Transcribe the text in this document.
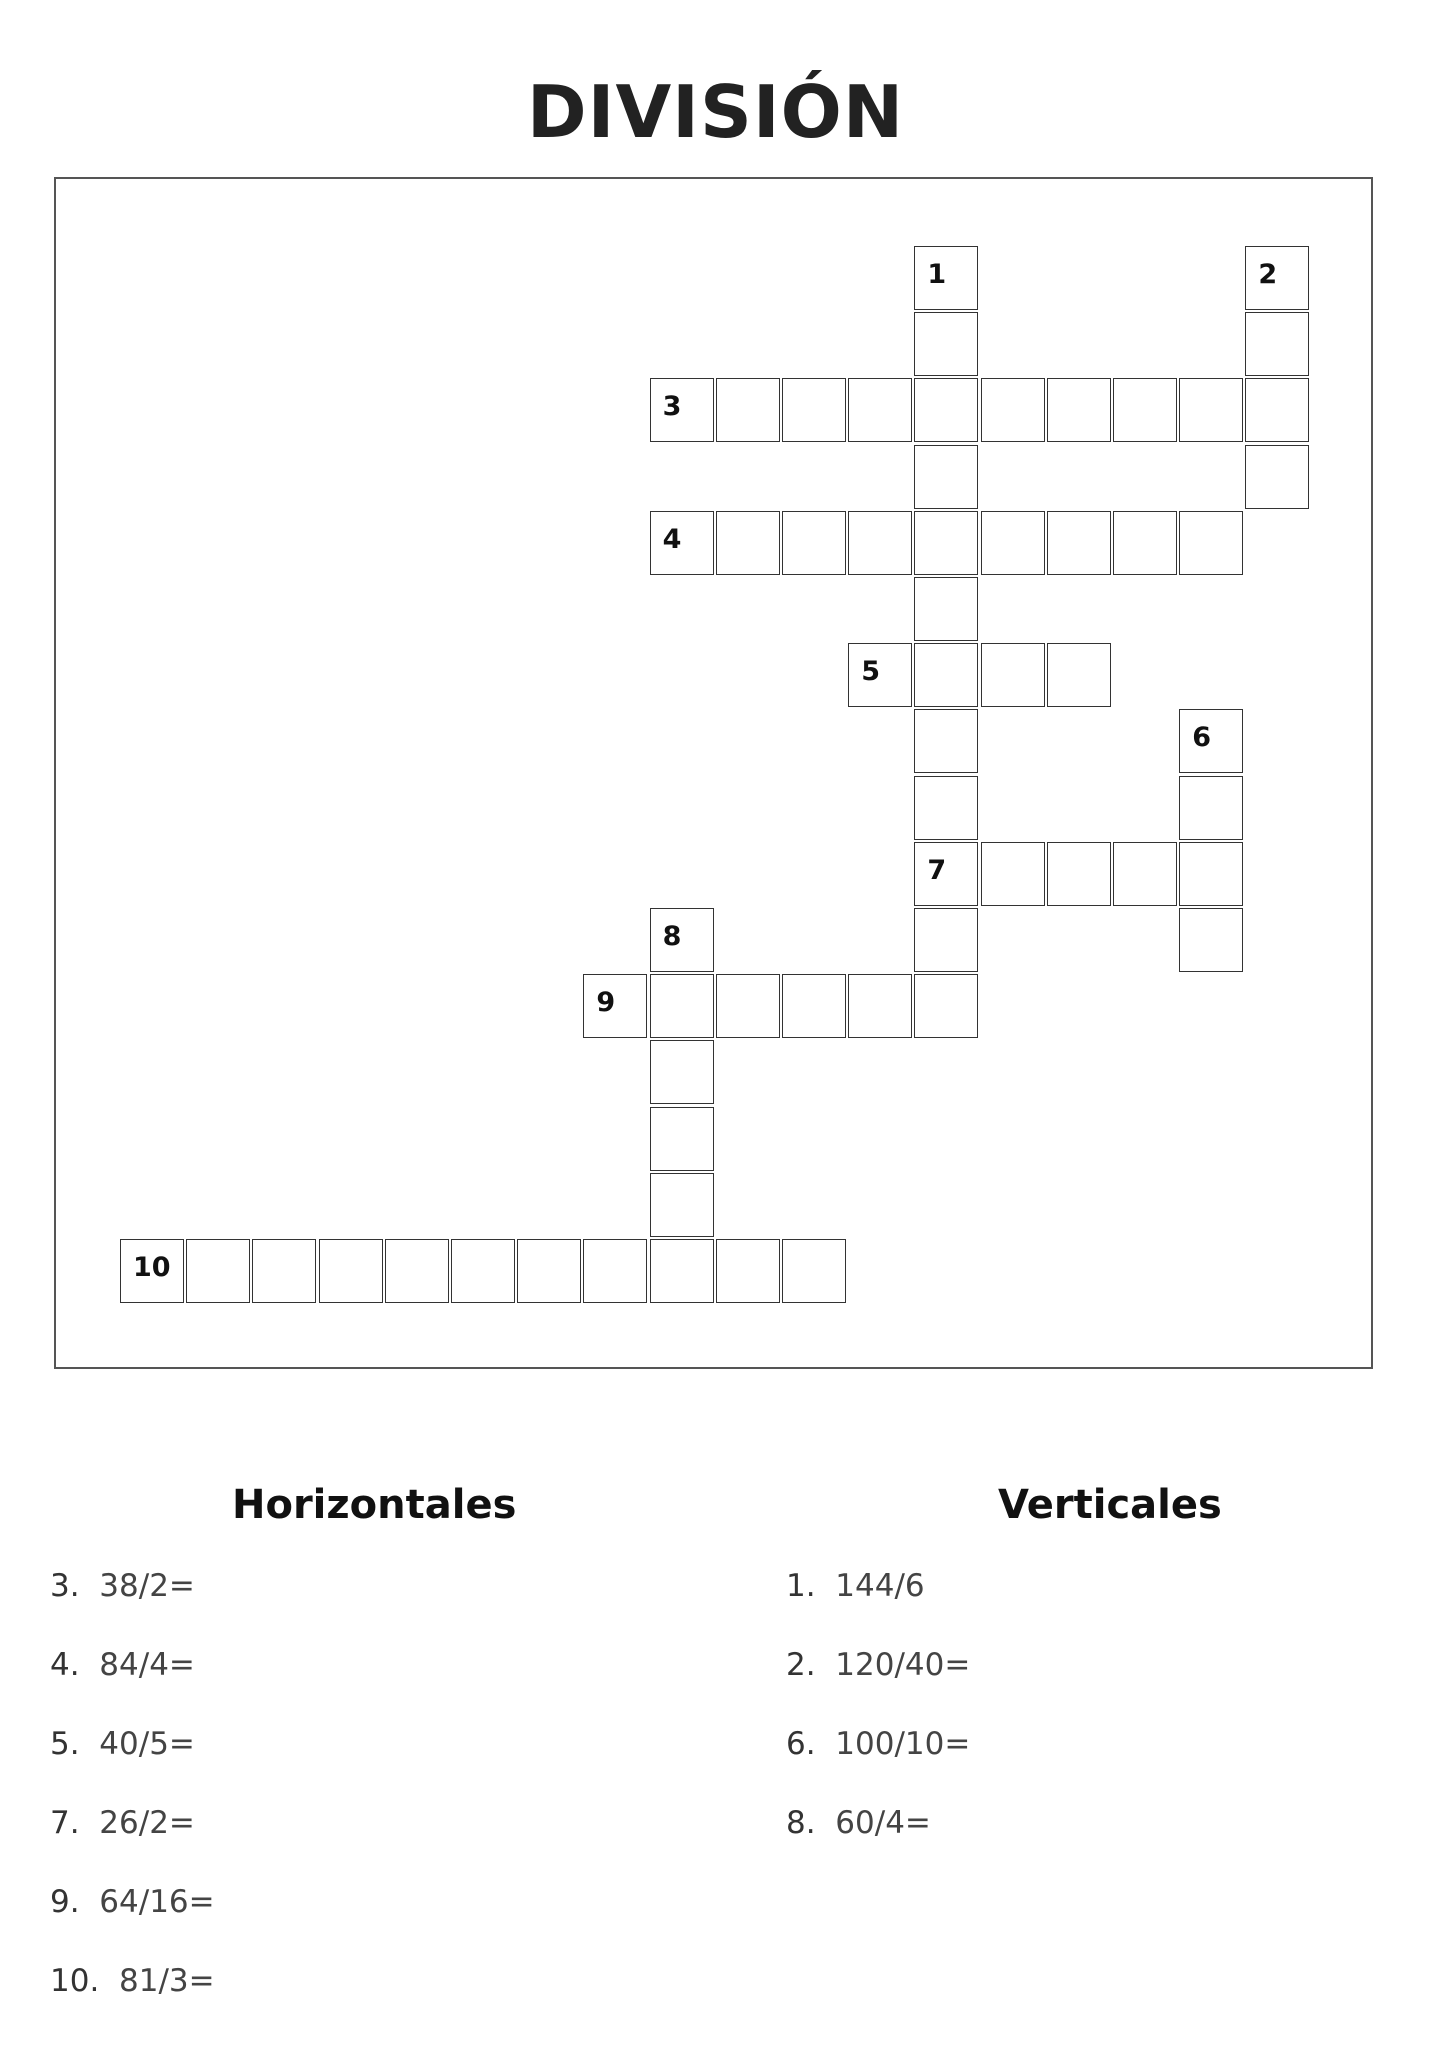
DIVISIÓN
1
7
2
3
4
5
6
8
9
10
Horizontales	Verticales
3. 38/2=
4. 84/4=
5. 40/5=
7. 26/2=
9. 64/16=
10. 81/3=
1. 144/6
2. 120/40=
6. 100/10=
8. 60/4=
